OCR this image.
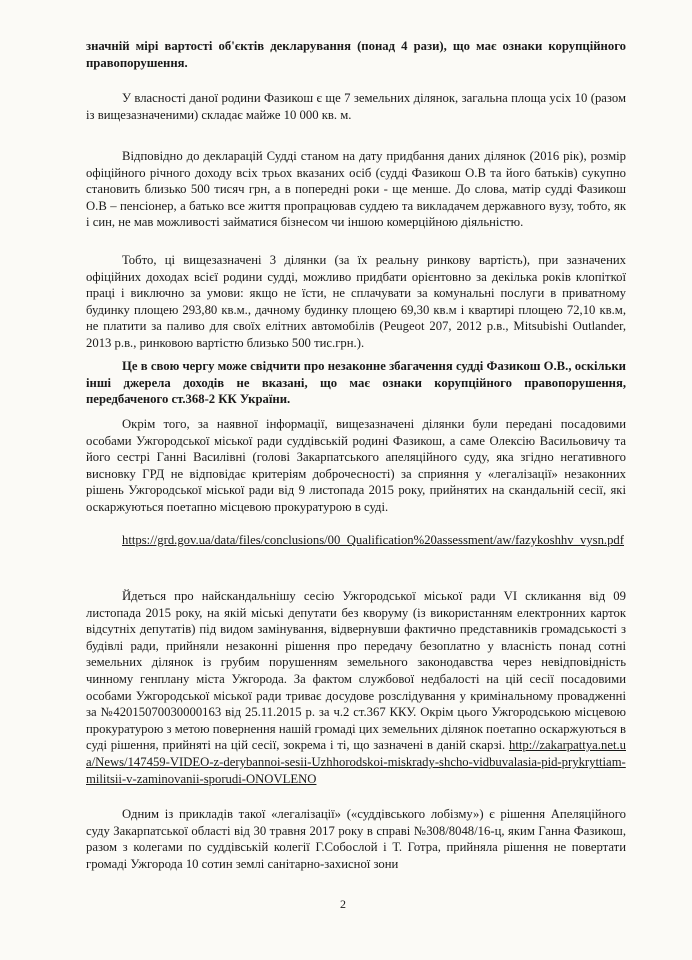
значній мірі вартості об'єктів декларування (понад 4 рази), що має ознаки корупційного правопорушення.

У власності даної родини Фазикош є ще 7 земельних ділянок, загальна площа усіх 10 (разом із вищезазначеними) складає майже 10 000 кв. м.

Відповідно до декларацій Судді станом на дату придбання даних ділянок (2016 рік), розмір офіційного річного доходу всіх трьох вказаних осіб (судді Фазикош О.В та його батьків) сукупно становить близько 500 тисяч грн, а в попередні роки - ще менше. До слова, матір судді Фазикош О.В – пенсіонер, а батько все життя пропрацював суддею та викладачем державного вузу, тобто, як і син, не мав можливості займатися бізнесом чи іншою комерційною діяльністю.

Тобто, ці вищезазначені 3 ділянки (за їх реальну ринкову вартість), при зазначених офіційних доходах всієї родини судді, можливо придбати орієнтовно за декілька років клопіткої праці і виключно за умови: якщо не їсти, не сплачувати за комунальні послуги в приватному будинку площею 293,80 кв.м., дачному будинку площею 69,30 кв.м і квартирі площею 72,10 кв.м, не платити за паливо для своїх елітних автомобілів (Peugeot 207, 2012 р.в., Mitsubishi Outlander, 2013 р.в., ринковою вартістю близько 500 тис.грн.).

Це в свою чергу може свідчити про незаконне збагачення судді Фазикош О.В., оскільки інші джерела доходів не вказані, що має ознаки корупційного правопорушення, передбаченого ст.368-2 КК України.

Окрім того, за наявної інформації, вищезазначені ділянки були передані посадовими особами Ужгородської міської ради суддівській родині Фазикош, а саме Олексію Васильовичу та його сестрі Ганні Василівні (голові Закарпатського апеляційного суду, яка згідно негативного висновку ГРД не відповідає критеріям доброчесності) за сприяння у «легалізації» незаконних рішень Ужгородської міської ради від 9 листопада 2015 року, прийнятих на скандальній сесії, які оскаржуються поетапно місцевою прокуратурою в суді.

https://grd.gov.ua/data/files/conclusions/00_Qualification%20assessment/aw/fazykoshhv_vysn.pdf

Йдеться про найскандальнішу сесію Ужгородської міської ради VI скликання від 09 листопада 2015 року, на якій міські депутати без кворуму (із використанням електронних карток відсутніх депутатів) під видом замінування, відвернувши фактично представників громадськості з будівлі ради, прийняли незаконні рішення про передачу безоплатно у власність понад сотні земельних ділянок із грубим порушенням земельного законодавства через невідповідність чинному генплану міста Ужгорода. За фактом службової недбалості на цій сесії посадовими особами Ужгородської міської ради триває досудове розслідування у кримінальному провадженні за №42015070030000163 від 25.11.2015 р. за ч.2 ст.367 ККУ. Окрім цього Ужгородською місцевою прокуратурою з метою повернення нашій громаді цих земельних ділянок поетапно оскаржуються в суді рішення, прийняті на цій сесії, зокрема і ті, що зазначені в даній скарзі. http://zakarpattya.net.ua/News/147459-VIDEO-z-derybannoi-sesii-Uzhhorodskoi-miskrady-shcho-vidbuvalasia-pid-prykryttiam-militsii-v-zaminovanii-sporudi-ONOVLENO

Одним із прикладів такої «легалізації» («суддівського лобізму») є рішення Апеляційного суду Закарпатської області від 30 травня 2017 року в справі №308/8048/16-ц, яким Ганна Фазикош, разом з колегами по суддівській колегії Г.Собослой і Т. Готра, прийняла рішення не повертати громаді Ужгорода 10 сотин землі санітарно-захисної зони

2
